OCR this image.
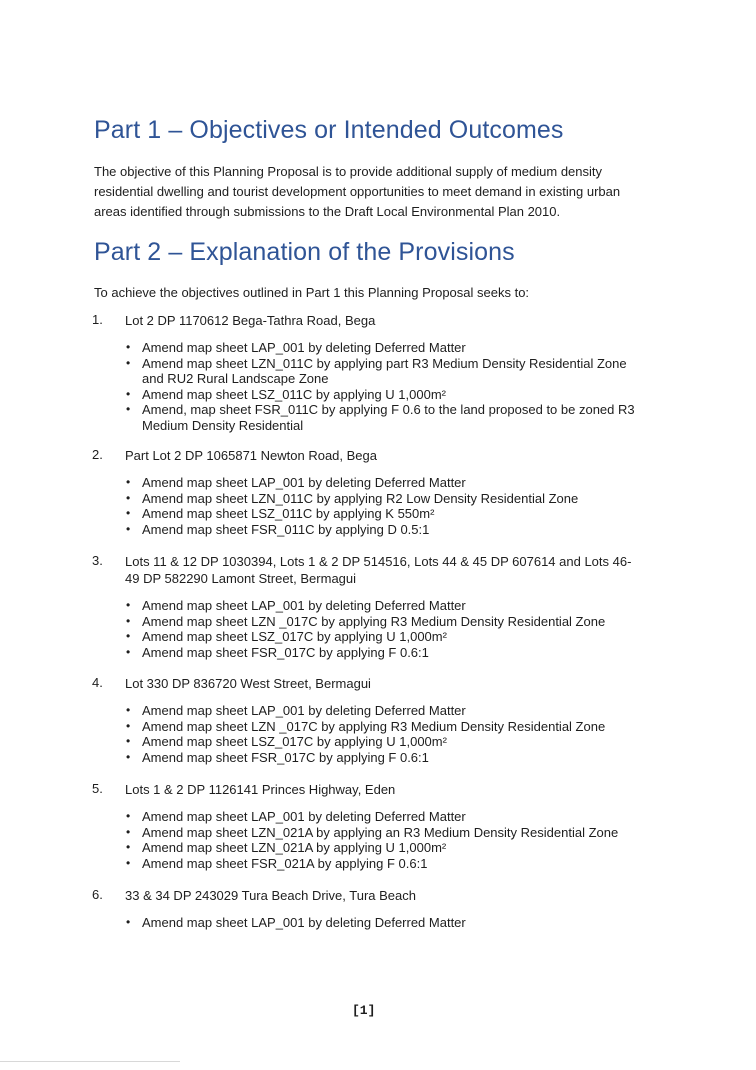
Part 1 – Objectives or Intended Outcomes

The objective of this Planning Proposal is to provide additional supply of medium density residential dwelling and tourist development opportunities to meet demand in existing urban areas identified through submissions to the Draft Local Environmental Plan 2010.

Part 2 – Explanation of the Provisions

To achieve the objectives outlined in Part 1 this Planning Proposal seeks to:

1.	Lot 2 DP 1170612 Bega-Tathra Road, Bega
• Amend map sheet LAP_001 by deleting Deferred Matter
• Amend map sheet LZN_011C by applying part R3 Medium Density Residential Zone and RU2 Rural Landscape Zone
• Amend map sheet LSZ_011C by applying U 1,000m²
• Amend, map sheet FSR_011C by applying F 0.6 to the land proposed to be zoned R3 Medium Density Residential
2.	Part Lot 2 DP 1065871 Newton Road, Bega
• Amend map sheet LAP_001 by deleting Deferred Matter
• Amend map sheet LZN_011C by applying R2 Low Density Residential Zone
• Amend map sheet LSZ_011C by applying K 550m²
• Amend map sheet FSR_011C by applying D 0.5:1
3.	Lots 11 & 12 DP 1030394, Lots 1 & 2 DP 514516, Lots 44 & 45 DP 607614 and Lots 46-49 DP 582290 Lamont Street, Bermagui
• Amend map sheet LAP_001 by deleting Deferred Matter
• Amend map sheet LZN _017C by applying R3 Medium Density Residential Zone
• Amend map sheet LSZ_017C by applying U 1,000m²
• Amend map sheet FSR_017C by applying F 0.6:1
4.	Lot 330 DP 836720 West Street, Bermagui
• Amend map sheet LAP_001 by deleting Deferred Matter
• Amend map sheet LZN _017C by applying R3 Medium Density Residential Zone
• Amend map sheet LSZ_017C by applying U 1,000m²
• Amend map sheet FSR_017C by applying F 0.6:1
5.	Lots 1 & 2 DP 1126141 Princes Highway, Eden
• Amend map sheet LAP_001 by deleting Deferred Matter
• Amend map sheet LZN_021A by applying an R3 Medium Density Residential Zone
• Amend map sheet LZN_021A by applying U 1,000m²
• Amend map sheet FSR_021A by applying F 0.6:1
6.	33 & 34 DP 243029 Tura Beach Drive, Tura Beach
• Amend map sheet LAP_001 by deleting Deferred Matter
[1]
